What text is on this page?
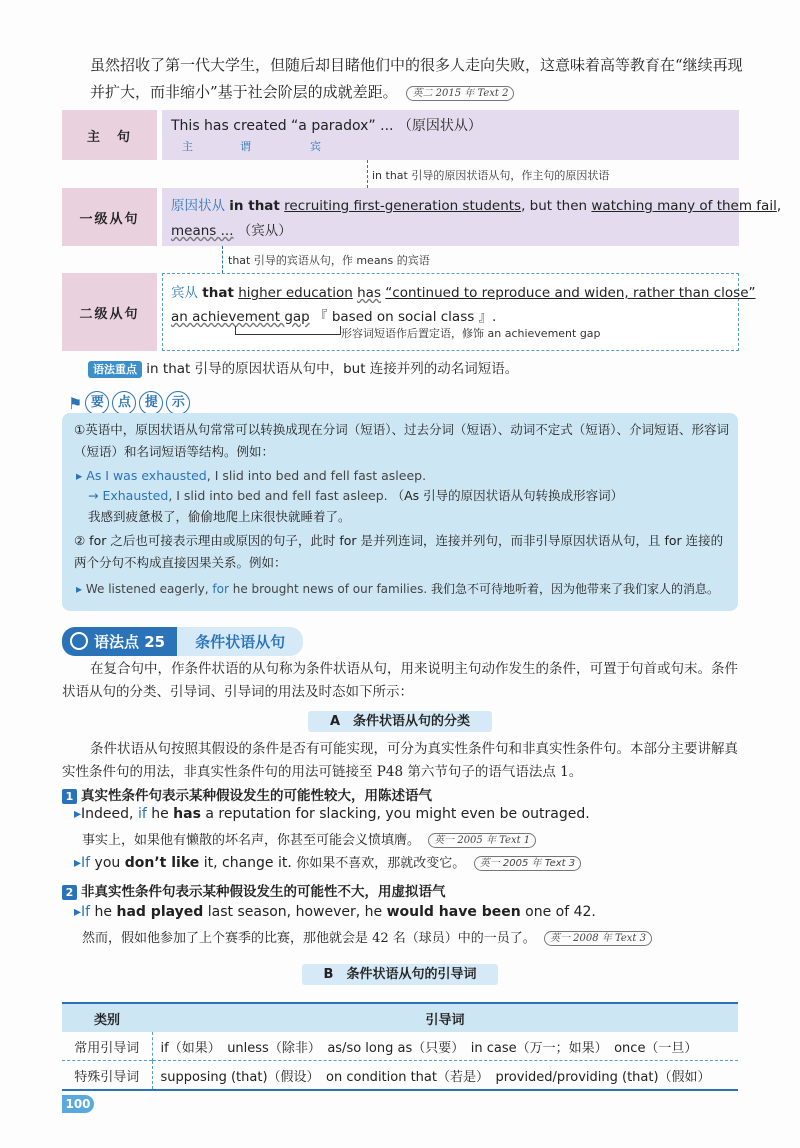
虽然招收了第一代大学生，但随后却目睹他们中的很多人走向失败，这意味着高等教育在“继续再现并扩大，而非缩小”基于社会阶层的成就差距。 英二 2015 年 Text 2
主　句
This has created “a paradox” ... （原因状从）
主	谓	宾
in that 引导的原因状语从句，作主句的原因状语
一级从句
原因状从 in that recruiting first-generation students, but then watching many of them fail,
means ... （宾从）
that 引导的宾语从句，作 means 的宾语
二级从句
宾从 that higher education has “continued to reproduce and widen, rather than close”
an achievement gap 『 based on social class 』.
形容词短语作后置定语，修饰 an achievement gap
语法重点 in that 引导的原因状语从句中，but 连接并列的动名词短语。
⚑ 要	点	提	示
①英语中，原因状语从句常常可以转换成现在分词（短语）、过去分词（短语）、动词不定式（短语）、介词短语、形容词（短语）和名词短语等结构。例如：
▸ As I was exhausted, I slid into bed and fell fast asleep.
→ Exhausted, I slid into bed and fell fast asleep. （As 引导的原因状语从句转换成形容词）
我感到疲惫极了，偷偷地爬上床很快就睡着了。
② for 之后也可接表示理由或原因的句子，此时 for 是并列连词，连接并列句，而非引导原因状语从句，且 for 连接的两个分句不构成直接因果关系。例如：
▸ We listened eagerly, for he brought news of our families. 我们急不可待地听着，因为他带来了我们家人的消息。
语法点 25	条件状语从句
在复合句中，作条件状语的从句称为条件状语从句，用来说明主句动作发生的条件，可置于句首或句末。条件状语从句的分类、引导词、引导词的用法及时态如下所示：
A　条件状语从句的分类
条件状语从句按照其假设的条件是否有可能实现，可分为真实性条件句和非真实性条件句。本部分主要讲解真实性条件句的用法，非真实性条件句的用法可链接至 P48 第六节句子的语气语法点 1。
1 真实性条件句表示某种假设发生的可能性较大，用陈述语气
▸Indeed, if he has a reputation for slacking, you might even be outraged.
事实上，如果他有懒散的坏名声，你甚至可能会义愤填膺。 英一 2005 年 Text 1
▸If you don’t like it, change it. 你如果不喜欢，那就改变它。 英一 2005 年 Text 3
2 非真实性条件句表示某种假设发生的可能性不大，用虚拟语气
▸If he had played last season, however, he would have been one of 42.
然而，假如他参加了上个赛季的比赛，那他就会是 42 名（球员）中的一员了。 英一 2008 年 Text 3
B　条件状语从句的引导词
类别	引导词
常用引导词	if（如果）　unless（除非）　as/so long as（只要）　in case（万一；如果）　once（一旦）
特殊引导词	supposing (that)（假设）　on condition that（若是）　provided/providing (that)（假如）
100
